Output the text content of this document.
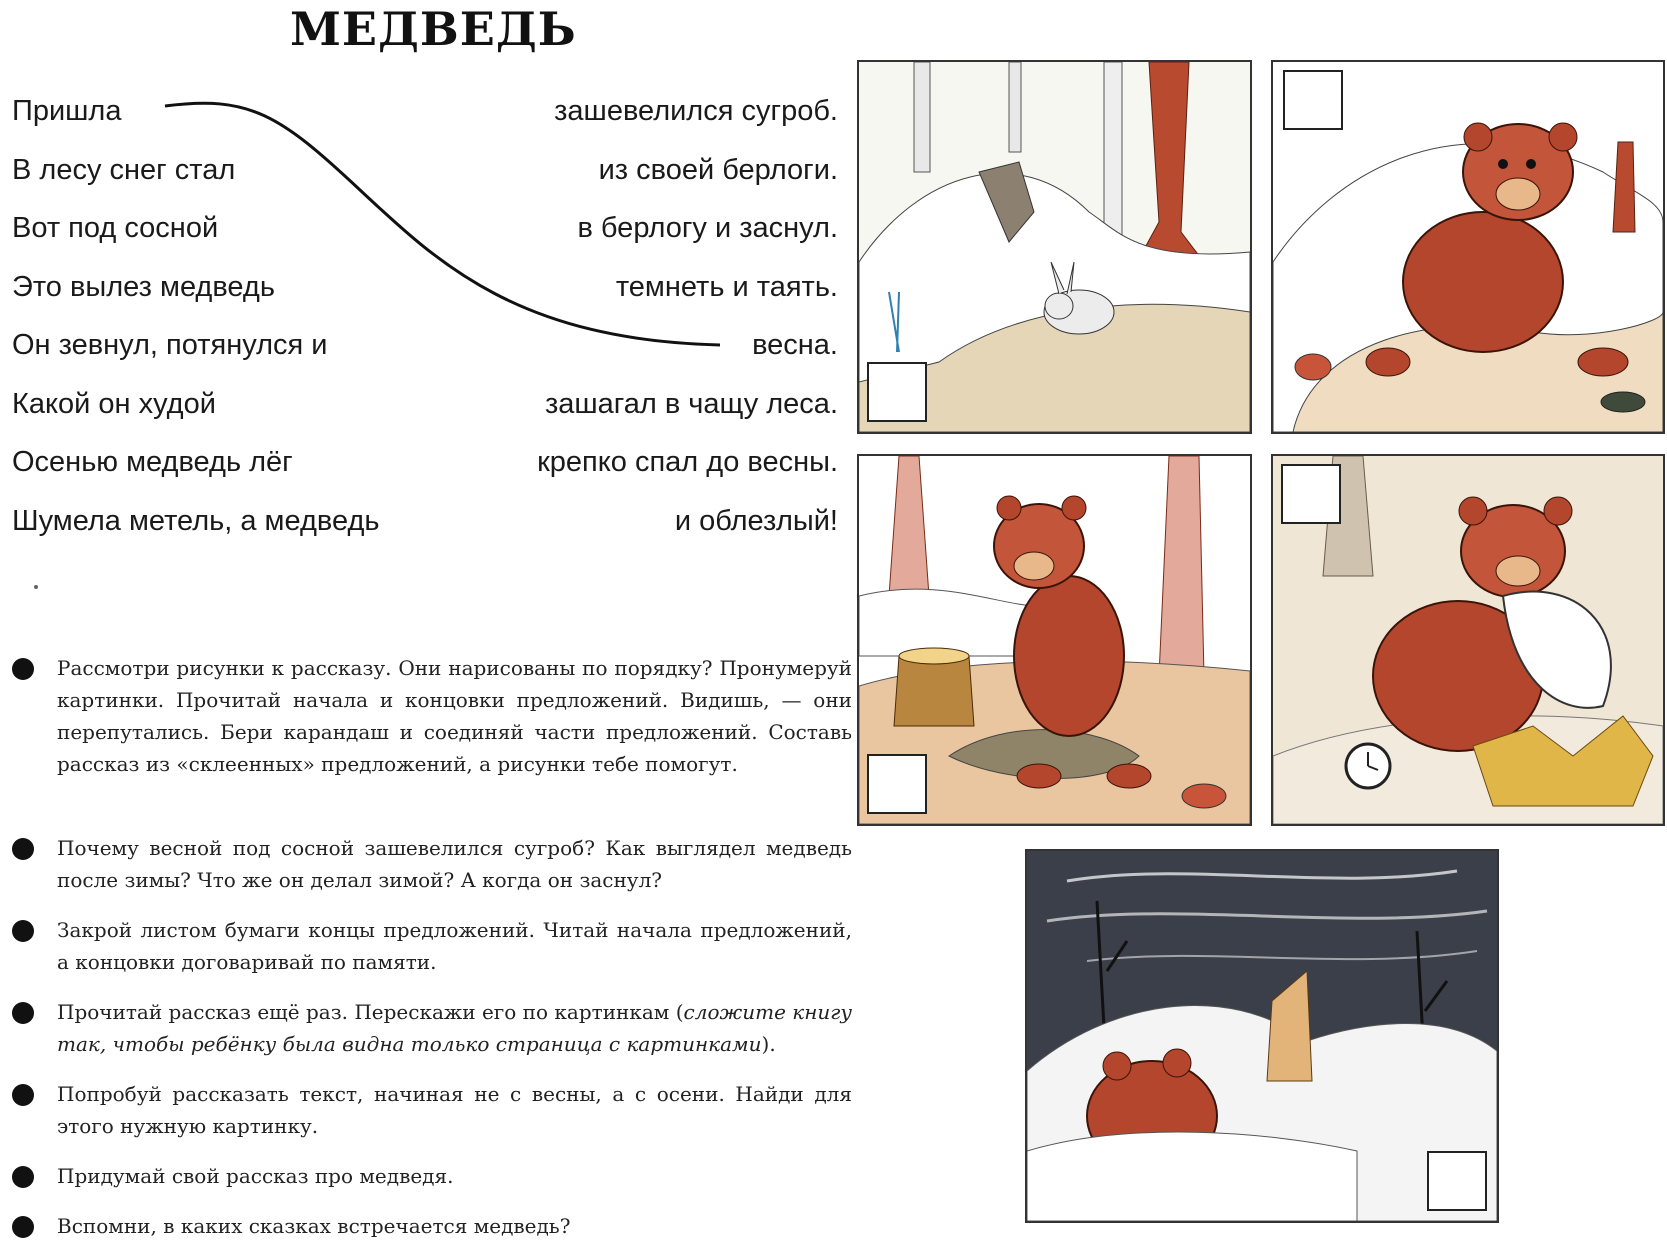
МЕДВЕДЬ
Пришла
В лесу снег стал
Вот под сосной
Это вылез медведь
Он зевнул, потянулся и
Какой он худой
Осенью медведь лёг
Шумела метель, а медведь
зашевелился сугроб.
из своей берлоги.
в берлогу и заснул.
темнеть и таять.
весна.
зашагал в чащу леса.
крепко спал до весны.
и облезлый!
Рассмотри рисунки к рассказу. Они нарисованы по порядку? Пронумеруй картинки. Прочитай начала и концовки предложений. Видишь, — они перепутались. Бери карандаш и соединяй части предложений. Составь рассказ из «склеенных» предложений, а рисунки тебе помогут.
Почему весной под сосной зашевелился сугроб? Как выглядел медведь после зимы? Что же он делал зимой? А когда он заснул?
Закрой листом бумаги концы предложений. Читай начала предложений, а концовки договаривай по памяти.
Прочитай рассказ ещё раз. Перескажи его по картинкам (сложите книгу так, чтобы ребёнку была видна только страница с картинками).
Попробуй рассказать текст, начиная не с весны, а с осени. Найди для этого нужную картинку.
Придумай свой рассказ про медведя.
Вспомни, в каких сказках встречается медведь?
